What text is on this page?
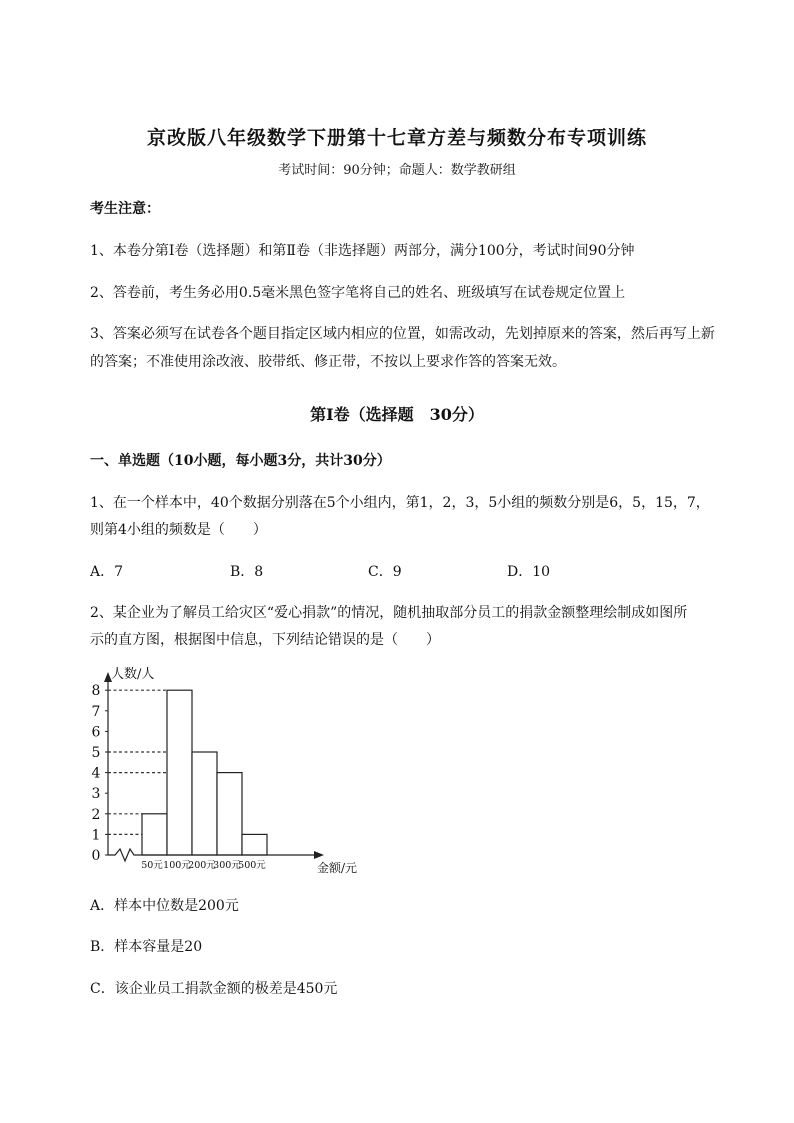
京改版八年级数学下册第十七章方差与频数分布专项训练
考试时间：90分钟；命题人：数学教研组
考生注意：
1、本卷分第Ⅰ卷（选择题）和第Ⅱ卷（非选择题）两部分，满分100分，考试时间90分钟
2、答卷前，考生务必用0.5毫米黑色签字笔将自己的姓名、班级填写在试卷规定位置上
3、答案必须写在试卷各个题目指定区域内相应的位置，如需改动，先划掉原来的答案，然后再写上新
的答案；不准使用涂改液、胶带纸、修正带，不按以上要求作答的答案无效。
第Ⅰ卷（选择题　30分）
一、单选题（10小题，每小题3分，共计30分）
1、在一个样本中，40个数据分别落在5个小组内，第1，2，3，5小组的频数分别是6，5，15，7，
则第4小组的频数是（　　）
A．7	B．8	C．9	D．10
2、某企业为了解员工给灾区“爱心捐款”的情况，随机抽取部分员工的捐款金额整理绘制成如图所
示的直方图，根据图中信息，下列结论错误的是（　　）
0
1
2
3
4
5
6
7
8
50元 100元
200元
300元
500元
人数/人
金额/元
A．样本中位数是200元
B．样本容量是20
C．该企业员工捐款金额的极差是450元
